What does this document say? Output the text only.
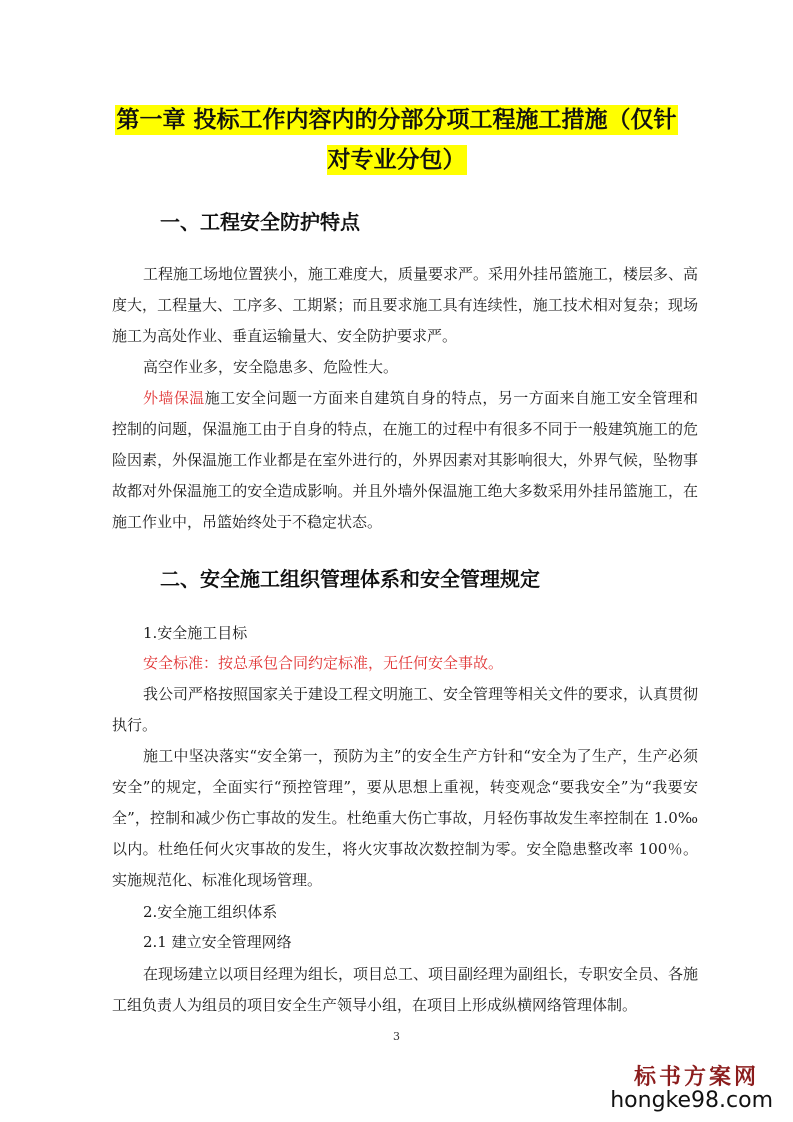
第一章 投标工作内容内的分部分项工程施工措施（仅针
对专业分包）
一、工程安全防护特点

工程施工场地位置狭小，施工难度大，质量要求严。采用外挂吊篮施工，楼层多、高度大，工程量大、工序多、工期紧；而且要求施工具有连续性，施工技术相对复杂；现场施工为高处作业、垂直运输量大、安全防护要求严。

高空作业多，安全隐患多、危险性大。

外墙保温施工安全问题一方面来自建筑自身的特点，另一方面来自施工安全管理和控制的问题，保温施工由于自身的特点，在施工的过程中有很多不同于一般建筑施工的危险因素，外保温施工作业都是在室外进行的，外界因素对其影响很大，外界气候，坠物事故都对外保温施工的安全造成影响。并且外墙外保温施工绝大多数采用外挂吊篮施工，在施工作业中，吊篮始终处于不稳定状态。

二、安全施工组织管理体系和安全管理规定
1.安全施工目标

安全标准：按总承包合同约定标准，无任何安全事故。

我公司严格按照国家关于建设工程文明施工、安全管理等相关文件的要求，认真贯彻执行。

施工中坚决落实“安全第一，预防为主”的安全生产方针和“安全为了生产，生产必须安全”的规定，全面实行“预控管理”，要从思想上重视，转变观念“要我安全”为“我要安全”，控制和减少伤亡事故的发生。杜绝重大伤亡事故，月轻伤事故发生率控制在 1.0‰以内。杜绝任何火灾事故的发生，将火灾事故次数控制为零。安全隐患整改率 100％。实施规范化、标准化现场管理。

2.安全施工组织体系
2.1 建立安全管理网络

在现场建立以项目经理为组长，项目总工、项目副经理为副组长，专职安全员、各施工组负责人为组员的项目安全生产领导小组，在项目上形成纵横网络管理体制。

3
标书方案网
hongke98.com
